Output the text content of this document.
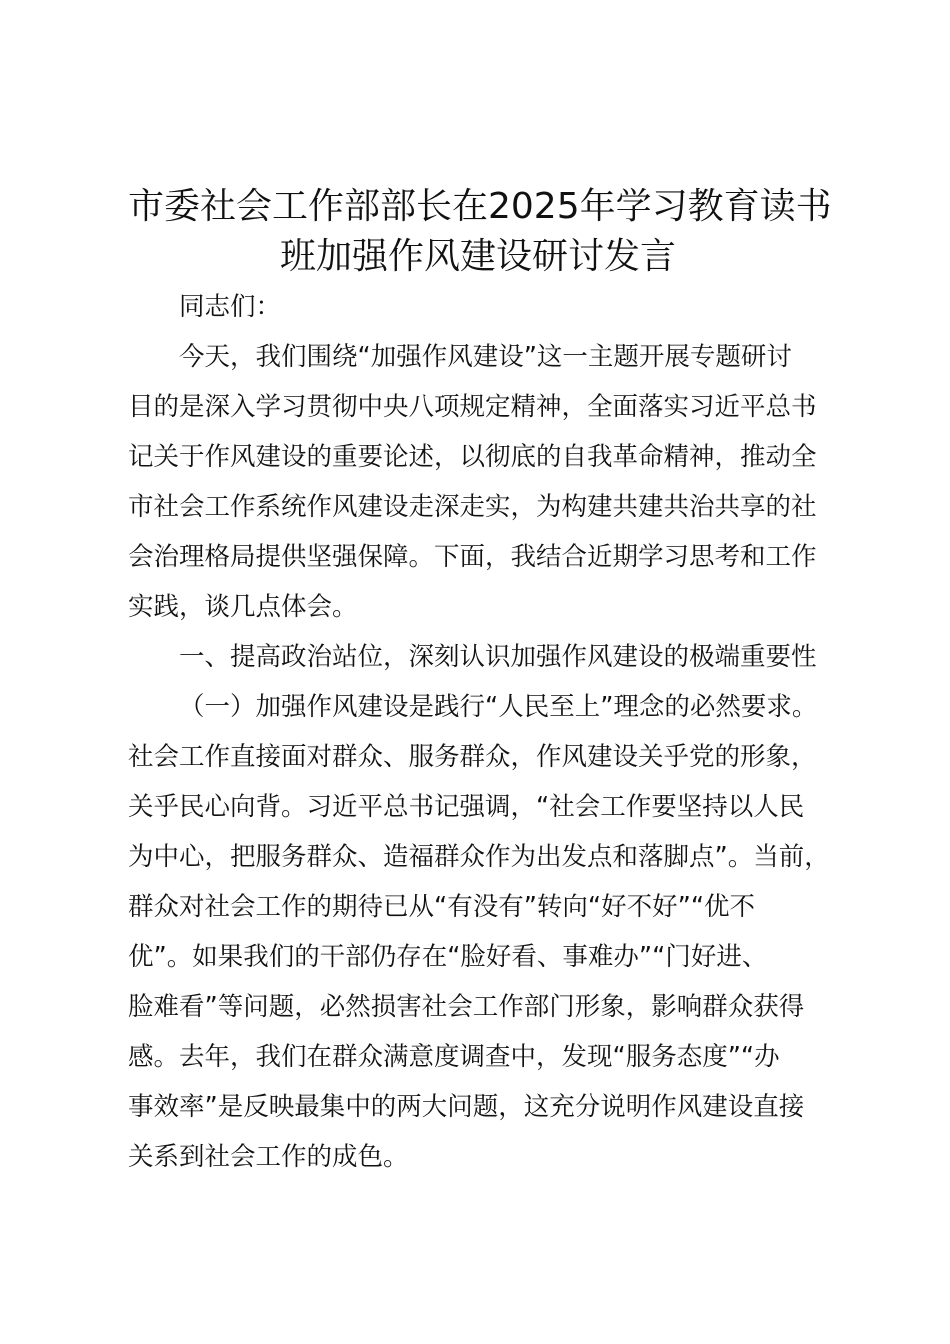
市委社会工作部部长在2025年学习教育读书
班加强作风建设研讨发言
同志们：
今天，我们围绕“加强作风建设”这一主题开展专题研讨
目的是深入学习贯彻中央八项规定精神，全面落实习近平总书
记关于作风建设的重要论述，以彻底的自我革命精神，推动全
市社会工作系统作风建设走深走实，为构建共建共治共享的社
会治理格局提供坚强保障。下面，我结合近期学习思考和工作
实践，谈几点体会。
一、提高政治站位，深刻认识加强作风建设的极端重要性
（一）加强作风建设是践行“人民至上”理念的必然要求。
社会工作直接面对群众、服务群众，作风建设关乎党的形象，
关乎民心向背。习近平总书记强调，“社会工作要坚持以人民
为中心，把服务群众、造福群众作为出发点和落脚点”。当前，
群众对社会工作的期待已从“有没有”转向“好不好”“优不
优”。如果我们的干部仍存在“脸好看、事难办”“门好进、
脸难看”等问题，必然损害社会工作部门形象，影响群众获得
感。去年，我们在群众满意度调查中，发现“服务态度”“办
事效率”是反映最集中的两大问题，这充分说明作风建设直接
关系到社会工作的成色。
